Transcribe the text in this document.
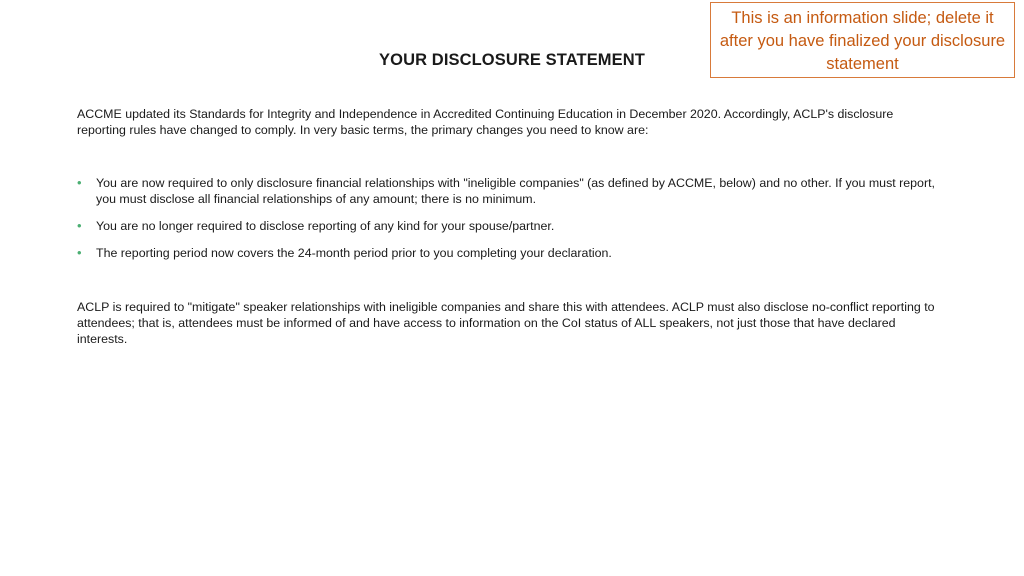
This is an information slide; delete it after you have finalized your disclosure statement
YOUR DISCLOSURE STATEMENT
ACCME updated its Standards for Integrity and Independence in Accredited Continuing Education in December 2020. Accordingly, ACLP's disclosure reporting rules have changed to comply. In very basic terms, the primary changes you need to know are:
• You are now required to only disclosure financial relationships with "ineligible companies" (as defined by ACCME, below) and no other. If you must report, you must disclose all financial relationships of any amount; there is no minimum.
• You are no longer required to disclose reporting of any kind for your spouse/partner.
• The reporting period now covers the 24-month period prior to you completing your declaration.
ACLP is required to "mitigate" speaker relationships with ineligible companies and share this with attendees. ACLP must also disclose no-conflict reporting to attendees; that is, attendees must be informed of and have access to information on the CoI status of ALL speakers, not just those that have declared interests.
